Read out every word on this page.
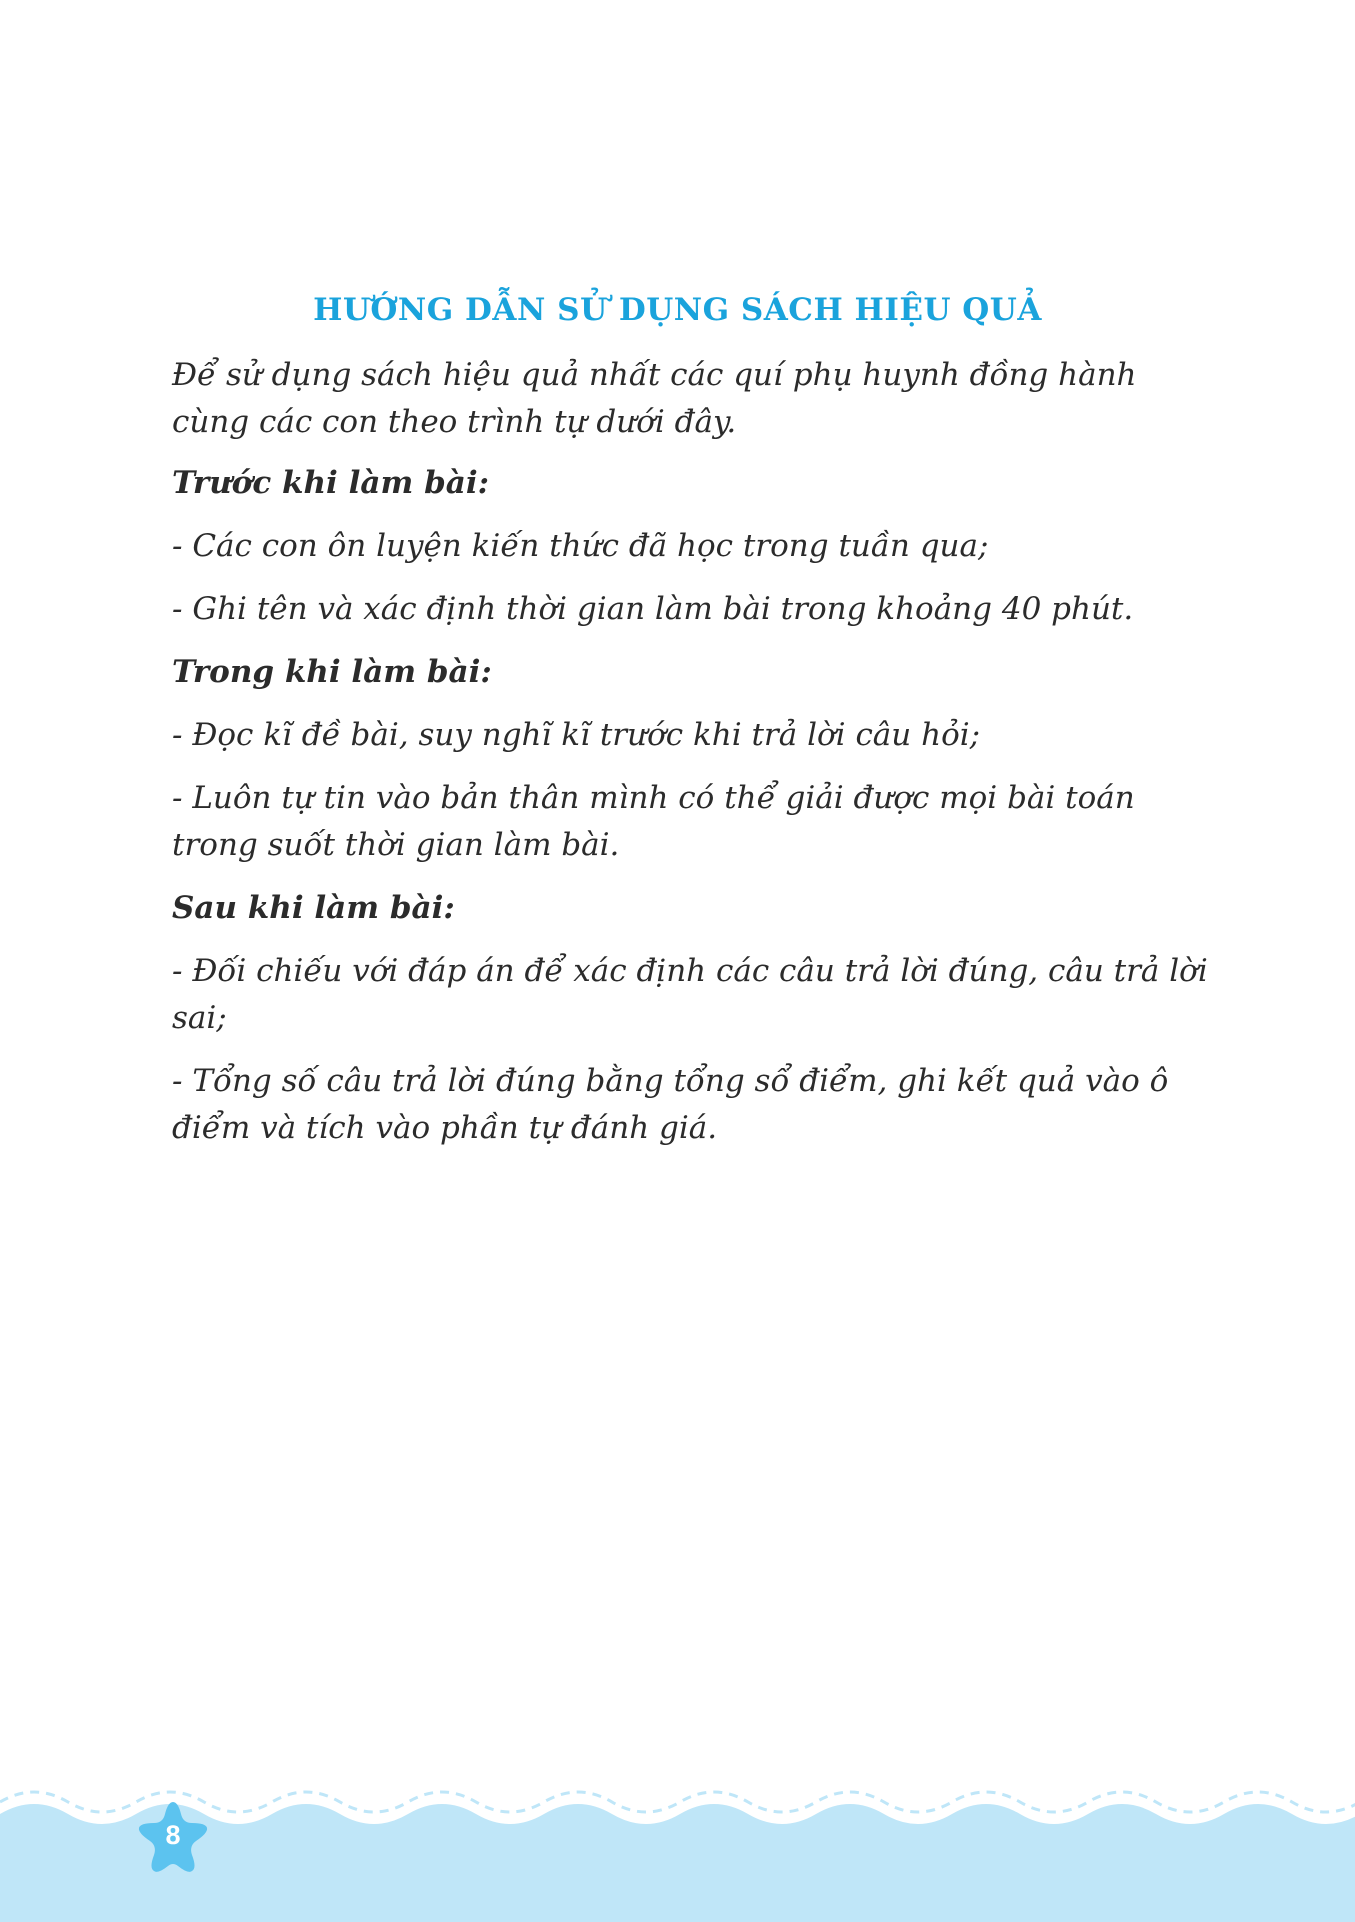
HƯỚNG DẪN SỬ DỤNG SÁCH HIỆU QUẢ

Để sử dụng sách hiệu quả nhất các quí phụ huynh đồng hành cùng các con theo trình tự dưới đây.

Trước khi làm bài:

- Các con ôn luyện kiến thức đã học trong tuần qua;

- Ghi tên và xác định thời gian làm bài trong khoảng 40 phút.

Trong khi làm bài:

- Đọc kĩ đề bài, suy nghĩ kĩ trước khi trả lời câu hỏi;

- Luôn tự tin vào bản thân mình có thể giải được mọi bài toán trong suốt thời gian làm bài.

Sau khi làm bài:

- Đối chiếu với đáp án để xác định các câu trả lời đúng, câu trả lời sai;

- Tổng số câu trả lời đúng bằng tổng sổ điểm, ghi kết quả vào ô điểm và tích vào phần tự đánh giá.

8
